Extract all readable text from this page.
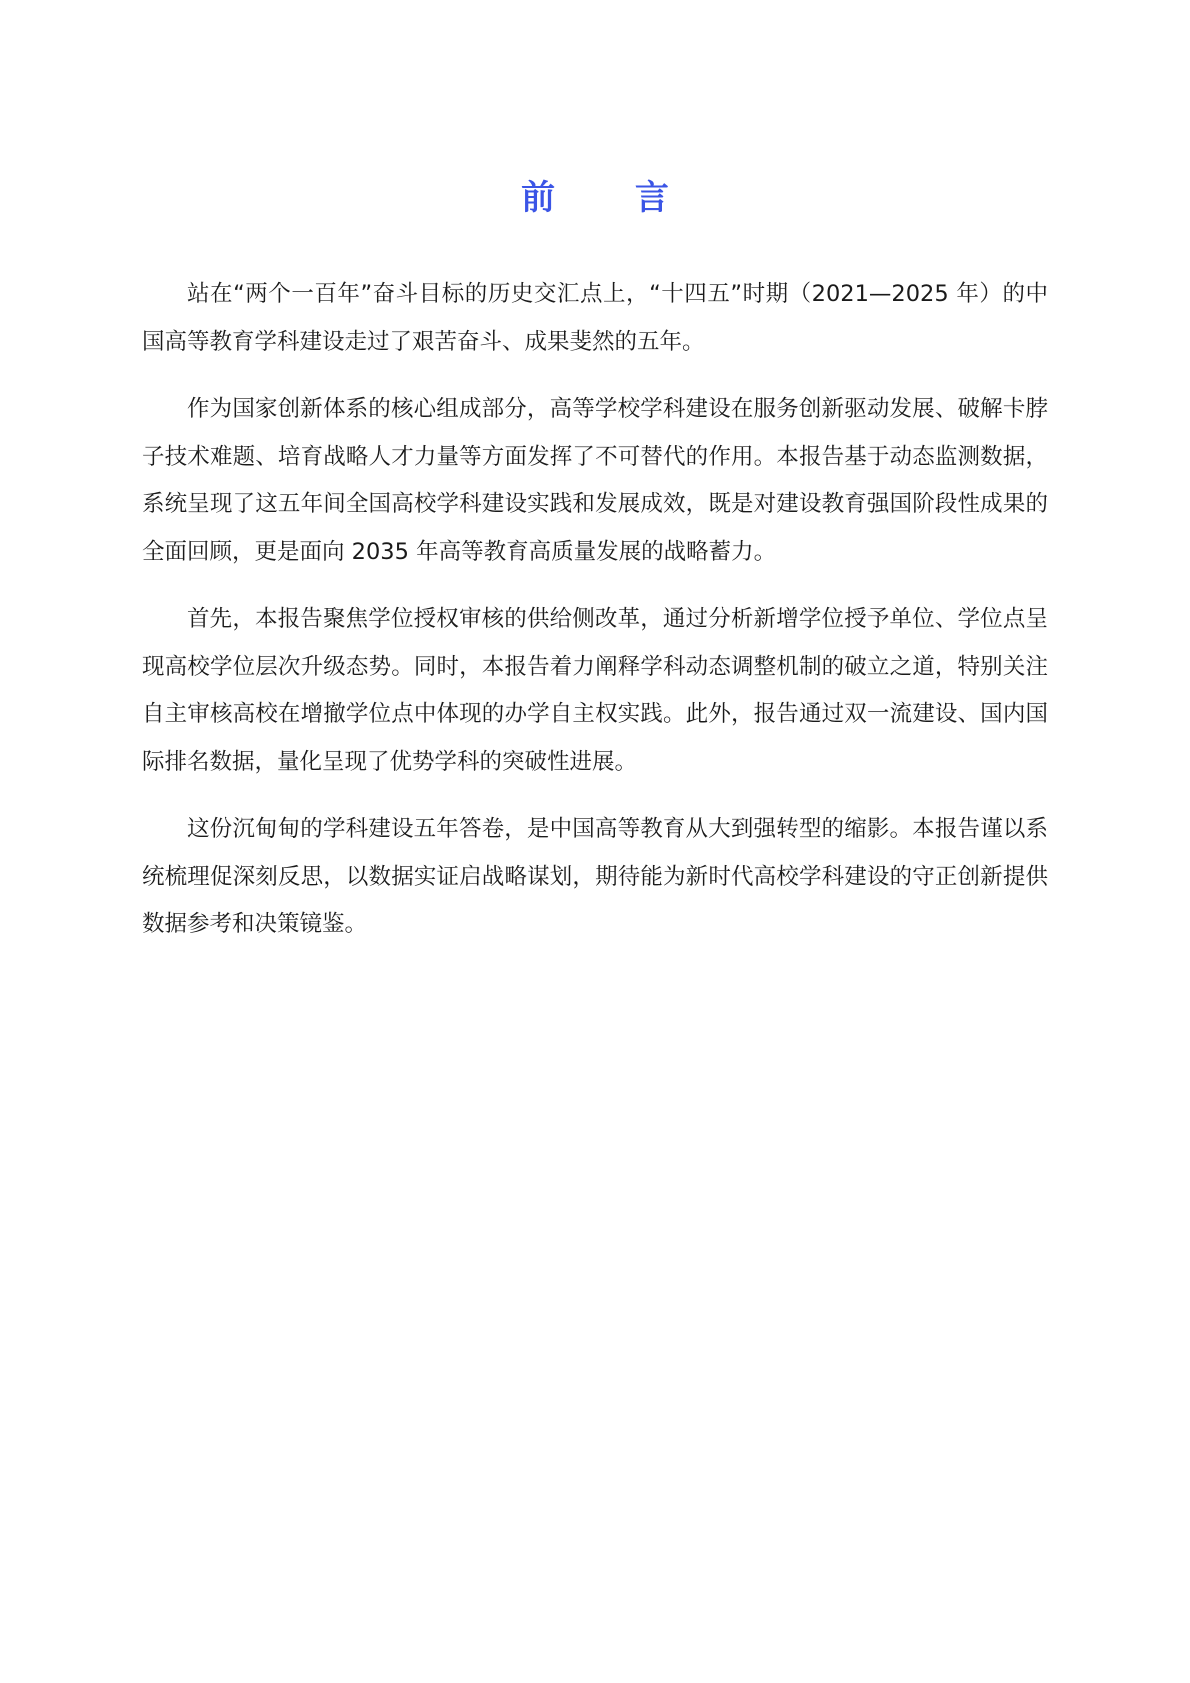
前 言

站在“两个一百年”奋斗目标的历史交汇点上，“十四五”时期（2021—2025 年）的中国高等教育学科建设走过了艰苦奋斗、成果斐然的五年。

作为国家创新体系的核心组成部分，高等学校学科建设在服务创新驱动发展、破解卡脖子技术难题、培育战略人才力量等方面发挥了不可替代的作用。本报告基于动态监测数据，系统呈现了这五年间全国高校学科建设实践和发展成效，既是对建设教育强国阶段性成果的全面回顾，更是面向 2035 年高等教育高质量发展的战略蓄力。

首先，本报告聚焦学位授权审核的供给侧改革，通过分析新增学位授予单位、学位点呈现高校学位层次升级态势。同时，本报告着力阐释学科动态调整机制的破立之道，特别关注自主审核高校在增撤学位点中体现的办学自主权实践。此外，报告通过双一流建设、国内国际排名数据，量化呈现了优势学科的突破性进展。

这份沉甸甸的学科建设五年答卷，是中国高等教育从大到强转型的缩影。本报告谨以系统梳理促深刻反思，以数据实证启战略谋划，期待能为新时代高校学科建设的守正创新提供数据参考和决策镜鉴。
